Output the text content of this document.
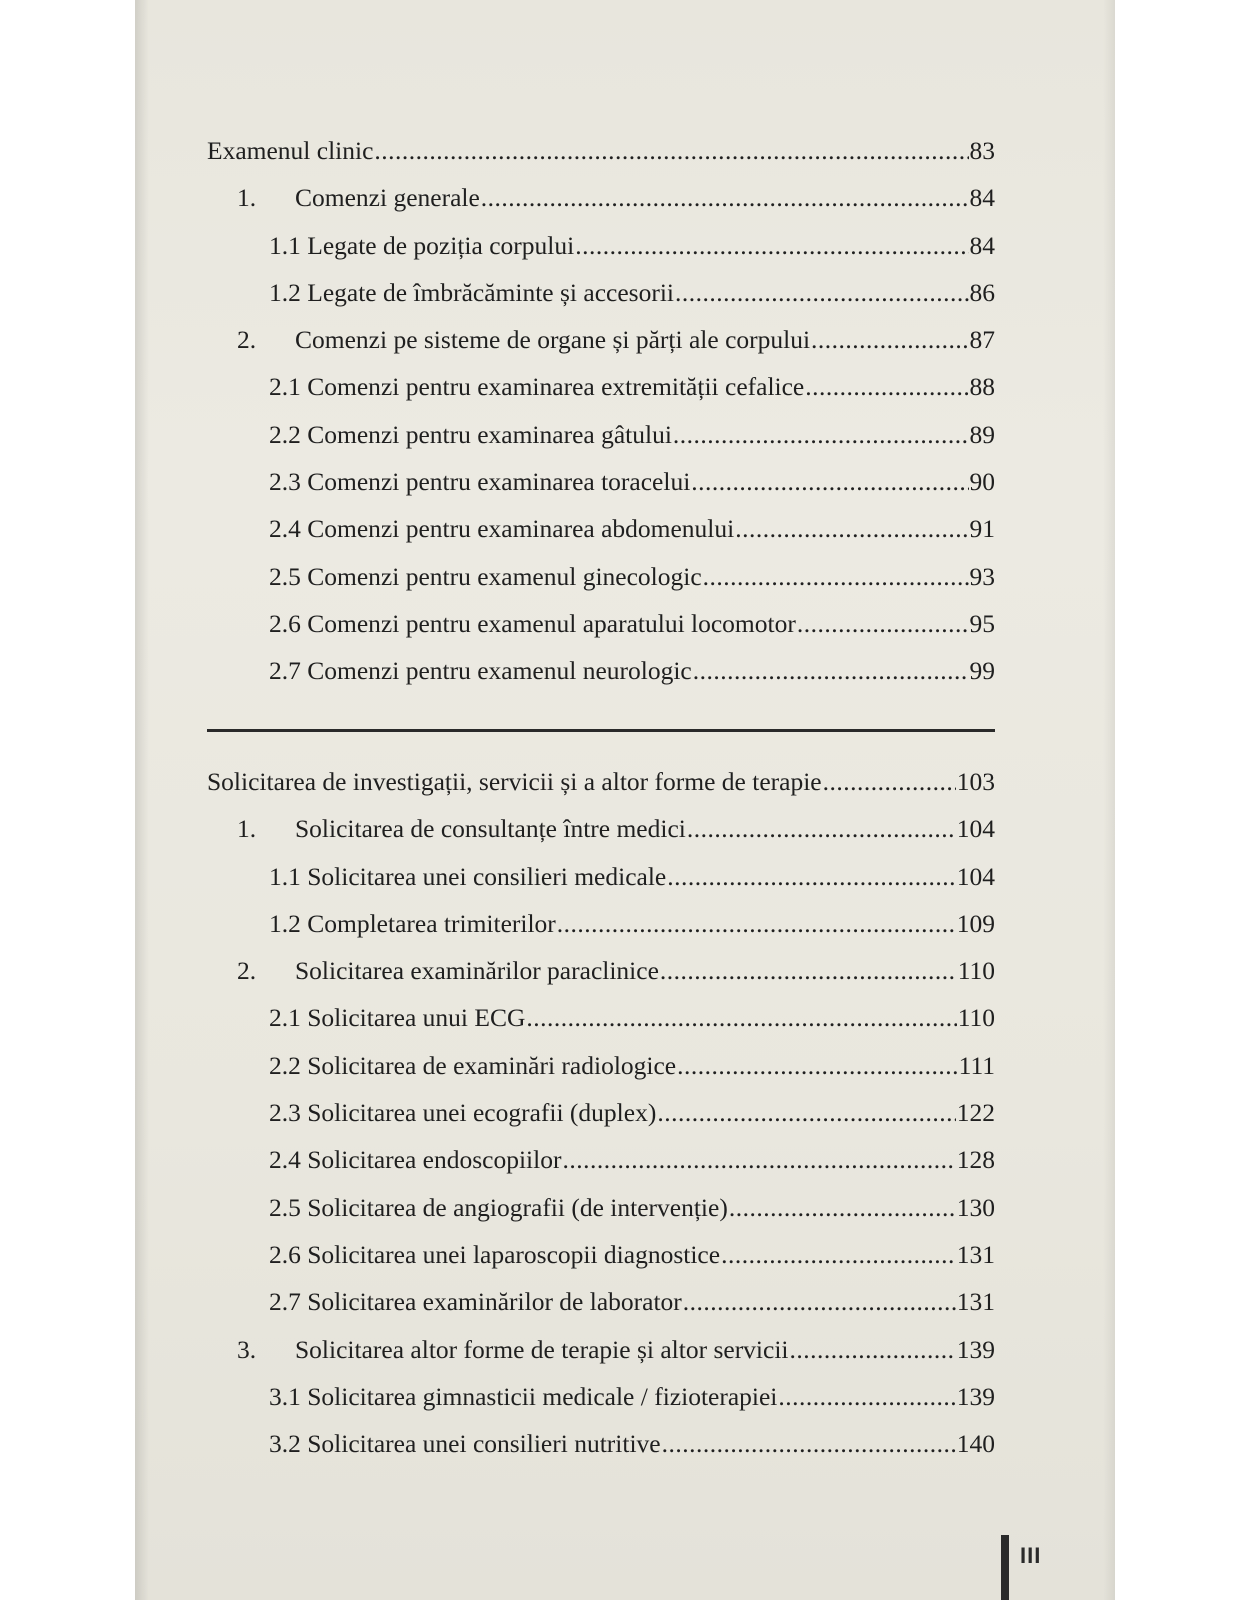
Examenul clinic .....	83
1.	Comenzi generale .....	84
1.1 Legate de poziția corpului .....	84
1.2 Legate de îmbrăcăminte și accesorii .....	86
2.	Comenzi pe sisteme de organe și părți ale corpului .....	87
2.1 Comenzi pentru examinarea extremității cefalice .....	88
2.2 Comenzi pentru examinarea gâtului .....	89
2.3 Comenzi pentru examinarea toracelui .....	90
2.4 Comenzi pentru examinarea abdomenului .....	91
2.5 Comenzi pentru examenul ginecologic .....	93
2.6 Comenzi pentru examenul aparatului locomotor .....	95
2.7 Comenzi pentru examenul neurologic .....	99
Solicitarea de investigații, servicii și a altor forme de terapie .....	103
1.	Solicitarea de consultanțe între medici .....	104
1.1 Solicitarea unei consilieri medicale .....	104
1.2 Completarea trimiterilor .....	109
2.	Solicitarea examinărilor paraclinice .....	110
2.1 Solicitarea unui ECG .....	110
2.2 Solicitarea de examinări radiologice .....	111
2.3 Solicitarea unei ecografii (duplex) .....	122
2.4 Solicitarea endoscopiilor .....	128
2.5 Solicitarea de angiografii (de intervenție) .....	130
2.6 Solicitarea unei laparoscopii diagnostice .....	131
2.7 Solicitarea examinărilor de laborator .....	131
3.	Solicitarea altor forme de terapie și altor servicii .....	139
3.1 Solicitarea gimnasticii medicale / fizioterapiei .....	139
3.2 Solicitarea unei consilieri nutritive .....	140
III
